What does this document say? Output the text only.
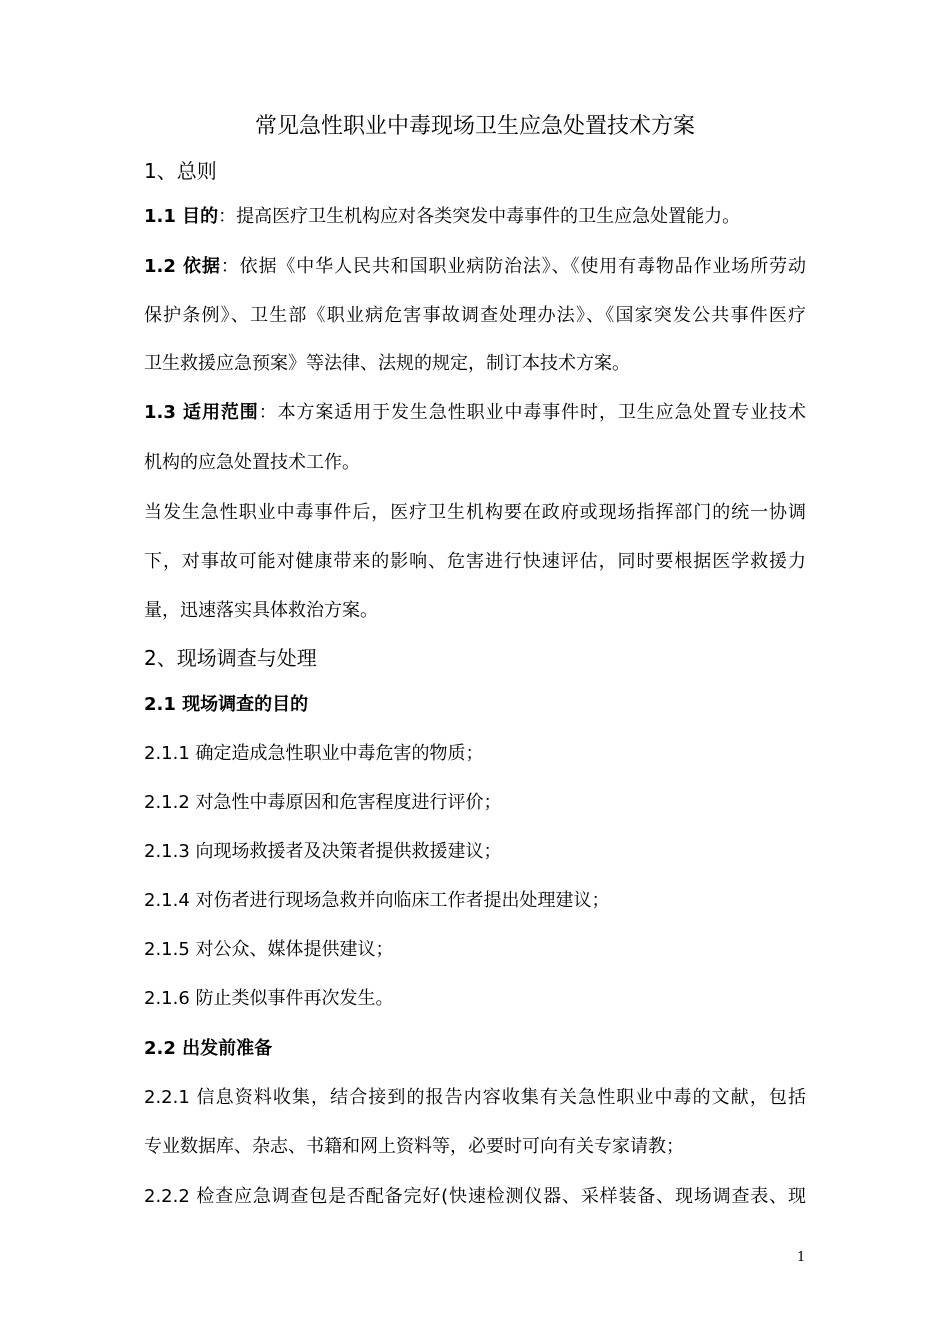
常见急性职业中毒现场卫生应急处置技术方案
1、总则
1.1 目的：提高医疗卫生机构应对各类突发中毒事件的卫生应急处置能力。
1.2 依据：依据《中华人民共和国职业病防治法》、《使用有毒物品作业场所劳动
保护条例》、卫生部《职业病危害事故调查处理办法》、《国家突发公共事件医疗
卫生救援应急预案》等法律、法规的规定，制订本技术方案。
1.3 适用范围：本方案适用于发生急性职业中毒事件时，卫生应急处置专业技术
机构的应急处置技术工作。
当发生急性职业中毒事件后，医疗卫生机构要在政府或现场指挥部门的统一协调
下，对事故可能对健康带来的影响、危害进行快速评估，同时要根据医学救援力
量，迅速落实具体救治方案。
2、现场调查与处理
2.1 现场调查的目的
2.1.1 确定造成急性职业中毒危害的物质；
2.1.2 对急性中毒原因和危害程度进行评价；
2.1.3 向现场救援者及决策者提供救援建议；
2.1.4 对伤者进行现场急救并向临床工作者提出处理建议；
2.1.5 对公众、媒体提供建议；
2.1.6 防止类似事件再次发生。
2.2 出发前准备
2.2.1 信息资料收集，结合接到的报告内容收集有关急性职业中毒的文献，包括
专业数据库、杂志、书籍和网上资料等，必要时可向有关专家请教；
2.2.2 检查应急调查包是否配备完好(快速检测仪器、采样装备、现场调查表、现
1
